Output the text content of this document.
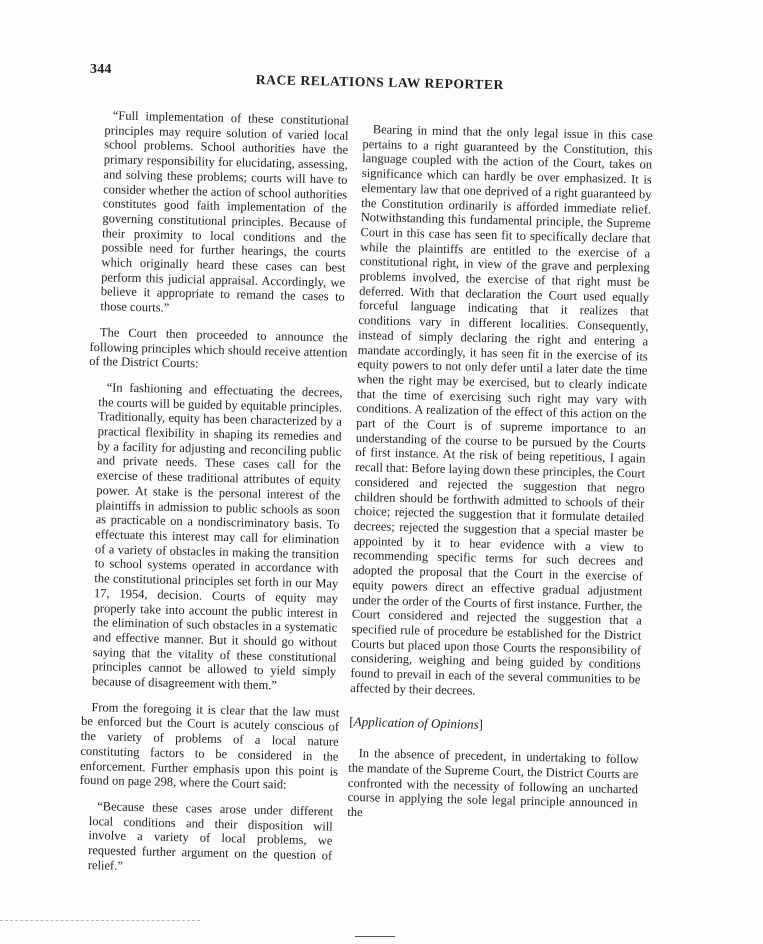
344
RACE RELATIONS LAW REPORTER

“Full implementation of these constitutional principles may require solution of varied local school problems. School authorities have the primary responsibility for elucidating, assessing, and solving these problems; courts will have to consider whether the action of school authorities constitutes good faith implementation of the governing constitutional principles. Because of their proximity to local conditions and the possible need for further hearings, the courts which originally heard these cases can best perform this judicial appraisal. Accordingly, we believe it appropriate to remand the cases to those courts.”

The Court then proceeded to announce the following principles which should receive attention of the District Courts:

“In fashioning and effectuating the decrees, the courts will be guided by equitable principles. Traditionally, equity has been characterized by a practical flexibility in shaping its remedies and by a facility for adjusting and reconciling public and private needs. These cases call for the exercise of these traditional attributes of equity power. At stake is the personal interest of the plaintiffs in admission to public schools as soon as practicable on a nondiscriminatory basis. To effectuate this interest may call for elimination of a variety of obstacles in making the transition to school systems operated in accordance with the constitutional principles set forth in our May 17, 1954, decision. Courts of equity may properly take into account the public interest in the elimination of such obstacles in a systematic and effective manner. But it should go without saying that the vitality of these constitutional principles cannot be allowed to yield simply because of disagreement with them.”

From the foregoing it is clear that the law must be enforced but the Court is acutely conscious of the variety of problems of a local nature constituting factors to be considered in the enforcement. Further emphasis upon this point is found on page 298, where the Court said:

“Because these cases arose under different local conditions and their disposition will involve a variety of local problems, we requested further argument on the question of relief.”

Bearing in mind that the only legal issue in this case pertains to a right guaranteed by the Constitution, this language coupled with the action of the Court, takes on significance which can hardly be over emphasized. It is elementary law that one deprived of a right guaranteed by the Constitution ordinarily is afforded immediate relief. Notwithstanding this fundamental principle, the Supreme Court in this case has seen fit to specifically declare that while the plaintiffs are entitled to the exercise of a constitutional right, in view of the grave and perplexing problems involved, the exercise of that right must be deferred. With that declaration the Court used equally forceful language indicating that it realizes that conditions vary in different localities. Consequently, instead of simply declaring the right and entering a mandate accordingly, it has seen fit in the exercise of its equity powers to not only defer until a later date the time when the right may be exercised, but to clearly indicate that the time of exercising such right may vary with conditions. A realization of the effect of this action on the part of the Court is of supreme importance to an understanding of the course to be pursued by the Courts of first instance. At the risk of being repetitious, I again recall that: Before laying down these principles, the Court considered and rejected the suggestion that negro children should be forthwith admitted to schools of their choice; rejected the suggestion that it formulate detailed decrees; rejected the suggestion that a special master be appointed by it to hear evidence with a view to recommending specific terms for such decrees and adopted the proposal that the Court in the exercise of equity powers direct an effective gradual adjustment under the order of the Courts of first instance. Further, the Court considered and rejected the suggestion that a specified rule of procedure be established for the District Courts but placed upon those Courts the responsibility of considering, weighing and being guided by conditions found to prevail in each of the several communities to be affected by their decrees.

[Application of Opinions]

In the absence of precedent, in undertaking to follow the mandate of the Supreme Court, the District Courts are confronted with the necessity of following an uncharted course in applying the sole legal principle announced in the
